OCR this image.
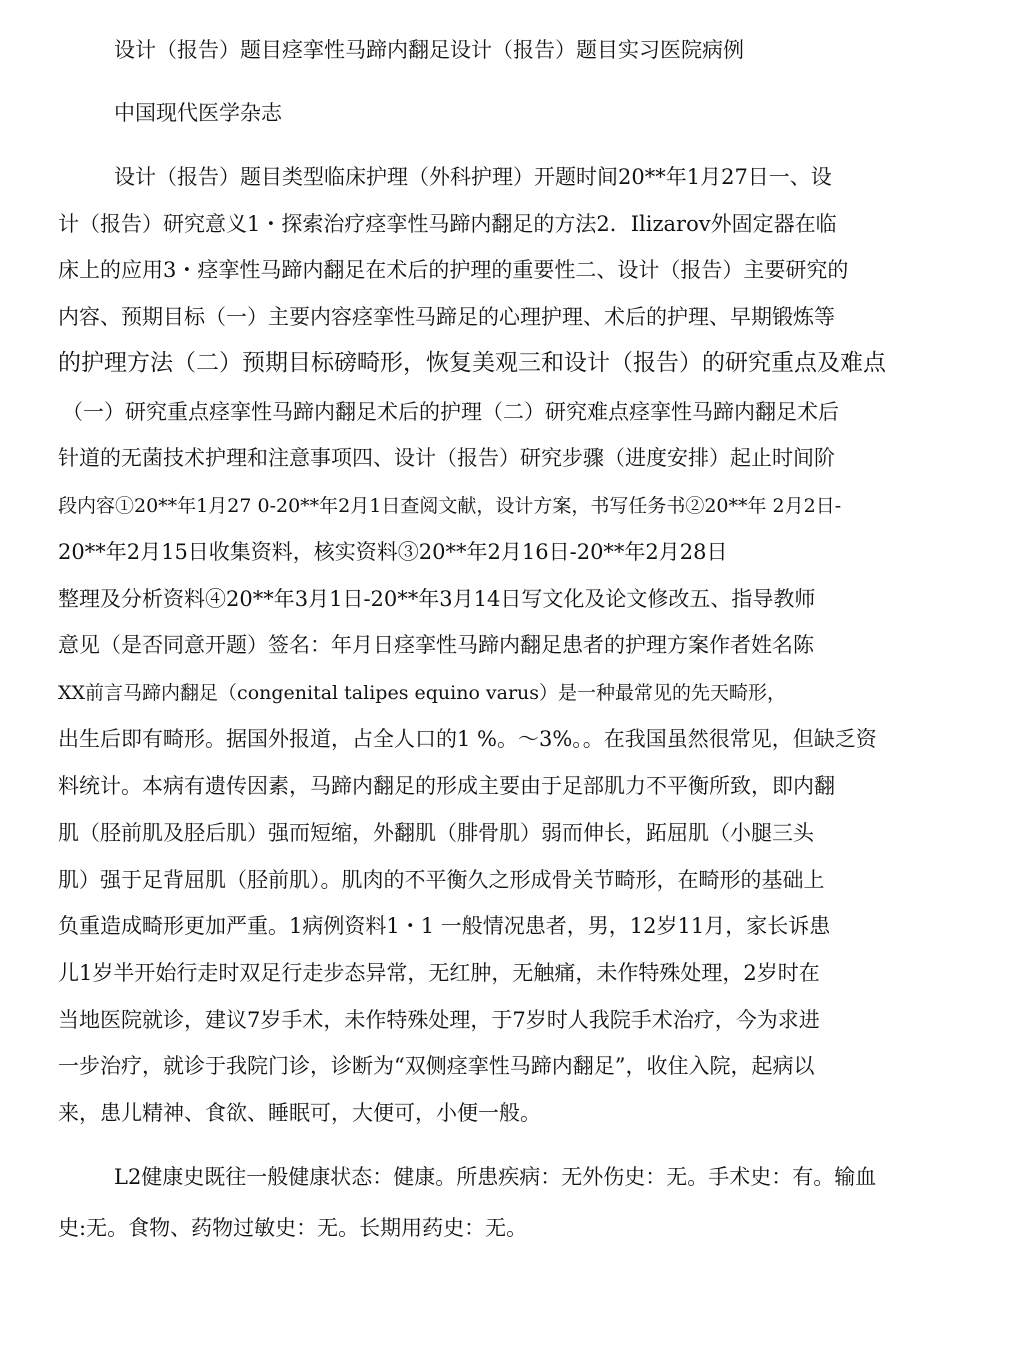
设计（报告）题目痉挛性马蹄内翻足设计（报告）题目实习医院病例
中国现代医学杂志
设计（报告）题目类型临床护理（外科护理）开题时间20**年1月27日一、设
计（报告）研究意义1・探索治疗痉挛性马蹄内翻足的方法2．Ilizarov外固定器在临
床上的应用3・痉挛性马蹄内翻足在术后的护理的重要性二、设计（报告）主要研究的
内容、预期目标（一）主要内容痉挛性马蹄足的心理护理、术后的护理、早期锻炼等
的护理方法（二）预期目标磅畸形，恢复美观三和设计（报告）的研究重点及难点
（一）研究重点痉挛性马蹄内翻足术后的护理（二）研究难点痉挛性马蹄内翻足术后
针道的无菌技术护理和注意事项四、设计（报告）研究步骤（进度安排）起止时间阶
段内容①20**年1月27 0-20**年2月1日查阅文献，设计方案，书写任务书②20**年 2月2日-
20**年2月15日收集资料，核实资料③20**年2月16日-20**年2月28日
整理及分析资料④20**年3月1日-20**年3月14日写文化及论文修改五、指导教师
意见（是否同意开题）签名：年月日痉挛性马蹄内翻足患者的护理方案作者姓名陈
XX前言马蹄内翻足（congenital talipes equino varus）是一种最常见的先天畸形，
出生后即有畸形。据国外报道，占全人口的1 %。～3%。。在我国虽然很常见，但缺乏资
料统计。本病有遗传因素，马蹄内翻足的形成主要由于足部肌力不平衡所致，即内翻
肌（胫前肌及胫后肌）强而短缩，外翻肌（腓骨肌）弱而伸长，跖屈肌（小腿三头
肌）强于足背屈肌（胫前肌）。肌肉的不平衡久之形成骨关节畸形，在畸形的基础上
负重造成畸形更加严重。1病例资料1・1 一般情况患者，男，12岁11月，家长诉患
儿1岁半开始行走时双足行走步态异常，无红肿，无触痛，未作特殊处理，2岁时在
当地医院就诊，建议7岁手术，未作特殊处理，于7岁时人我院手术治疗，今为求进
一步治疗，就诊于我院门诊，诊断为“双侧痉挛性马蹄内翻足”，收住入院，起病以
来，患儿精神、食欲、睡眠可，大便可，小便一般。
L2健康史既往一般健康状态：健康。所患疾病：无外伤史：无。手术史：有。输血
史:无。食物、药物过敏史：无。长期用药史：无。
